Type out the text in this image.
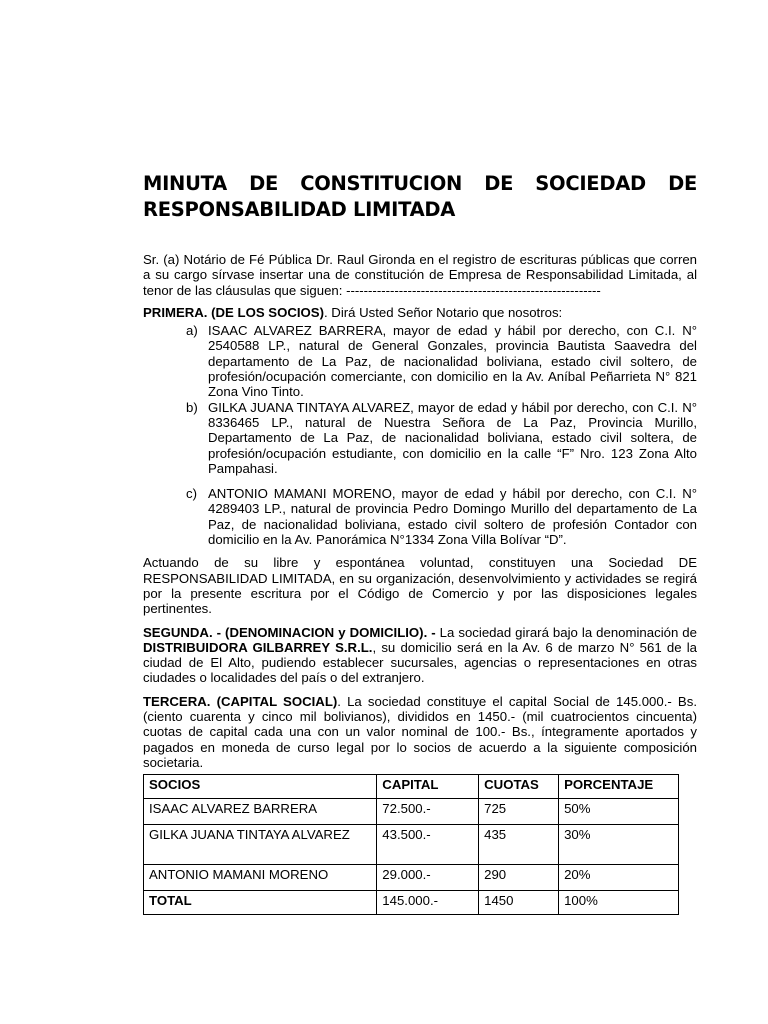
MINUTA DE CONSTITUCION DE SOCIEDAD DE
RESPONSABILIDAD LIMITADA

Sr. (a) Notário de Fé Pública Dr. Raul Gironda en el registro de escrituras públicas que corren a su cargo sírvase insertar una de constitución de Empresa de Responsabilidad Limitada, al tenor de las cláusulas que siguen: ----------------------------------------------------------

PRIMERA. (DE LOS SOCIOS). Dirá Usted Señor Notario que nosotros:

a) ISAAC ALVAREZ BARRERA, mayor de edad y hábil por derecho, con C.I. N° 2540588 LP., natural de General Gonzales, provincia Bautista Saavedra del departamento de La Paz, de nacionalidad boliviana, estado civil soltero, de profesión/ocupación comerciante, con domicilio en la Av. Aníbal Peñarrieta N° 821 Zona Vino Tinto.
b) GILKA JUANA TINTAYA ALVAREZ, mayor de edad y hábil por derecho, con C.I. N° 8336465 LP., natural de Nuestra Señora de La Paz, Provincia Murillo, Departamento de La Paz, de nacionalidad boliviana, estado civil soltera, de profesión/ocupación estudiante, con domicilio en la calle “F” Nro. 123 Zona Alto Pampahasi.
c) ANTONIO MAMANI MORENO, mayor de edad y hábil por derecho, con C.I. N° 4289403 LP., natural de provincia Pedro Domingo Murillo del departamento de La Paz, de nacionalidad boliviana, estado civil soltero de profesión Contador con domicilio en la Av. Panorámica N°1334 Zona Villa Bolívar “D”.

Actuando de su libre y espontánea voluntad, constituyen una Sociedad DE RESPONSABILIDAD LIMITADA, en su organización, desenvolvimiento y actividades se regirá por la presente escritura por el Código de Comercio y por las disposiciones legales pertinentes.

SEGUNDA. - (DENOMINACION y DOMICILIO). - La sociedad girará bajo la denominación de DISTRIBUIDORA GILBARREY S.R.L., su domicilio será en la Av. 6 de marzo N° 561 de la ciudad de El Alto, pudiendo establecer sucursales, agencias o representaciones en otras ciudades o localidades del país o del extranjero.

TERCERA. (CAPITAL SOCIAL). La sociedad constituye el capital Social de 145.000.- Bs. (ciento cuarenta y cinco mil bolivianos), divididos en 1450.- (mil cuatrocientos cincuenta) cuotas de capital cada una con un valor nominal de 100.- Bs., íntegramente aportados y pagados en moneda de curso legal por lo socios de acuerdo a la siguiente composición societaria.

SOCIOS	CAPITAL	CUOTAS	PORCENTAJE
ISAAC ALVAREZ BARRERA	72.500.-	725	50%
GILKA JUANA TINTAYA ALVAREZ	43.500.-	435	30%
ANTONIO MAMANI MORENO	29.000.-	290	20%
TOTAL	145.000.-	1450	100%
